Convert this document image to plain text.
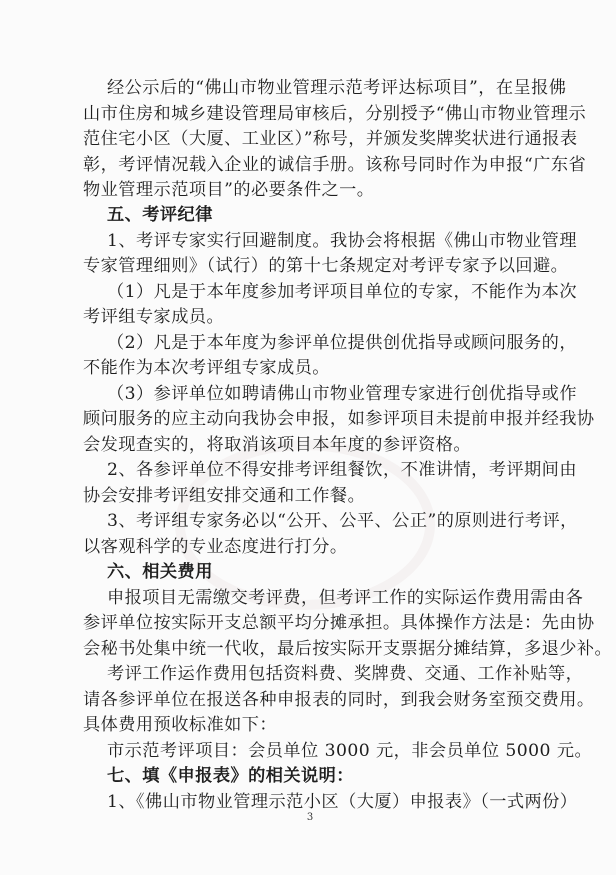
经公示后的“佛山市物业管理示范考评达标项目”，在呈报佛
山市住房和城乡建设管理局审核后，分别授予“佛山市物业管理示
范住宅小区（大厦、工业区）”称号，并颁发奖牌奖状进行通报表
彰，考评情况载入企业的诚信手册。该称号同时作为申报“广东省
物业管理示范项目”的必要条件之一。
五、考评纪律
1、考评专家实行回避制度。我协会将根据《佛山市物业管理
专家管理细则》（试行）的第十七条规定对考评专家予以回避。
（1）凡是于本年度参加考评项目单位的专家，不能作为本次
考评组专家成员。
（2）凡是于本年度为参评单位提供创优指导或顾问服务的，
不能作为本次考评组专家成员。
（3）参评单位如聘请佛山市物业管理专家进行创优指导或作
顾问服务的应主动向我协会申报，如参评项目未提前申报并经我协
会发现查实的，将取消该项目本年度的参评资格。
2、各参评单位不得安排考评组餐饮，不准讲情，考评期间由
协会安排考评组安排交通和工作餐。
3、考评组专家务必以“公开、公平、公正”的原则进行考评，
以客观科学的专业态度进行打分。
六、相关费用
申报项目无需缴交考评费，但考评工作的实际运作费用需由各
参评单位按实际开支总额平均分摊承担。具体操作方法是：先由协
会秘书处集中统一代收，最后按实际开支票据分摊结算，多退少补。
考评工作运作费用包括资料费、奖牌费、交通、工作补贴等，
请各参评单位在报送各种申报表的同时，到我会财务室预交费用。
具体费用预收标准如下：
市示范考评项目：会员单位 3000 元，非会员单位 5000 元。
七、填《申报表》的相关说明：
1、《佛山市物业管理示范小区（大厦）申报表》（一式两份）
3
